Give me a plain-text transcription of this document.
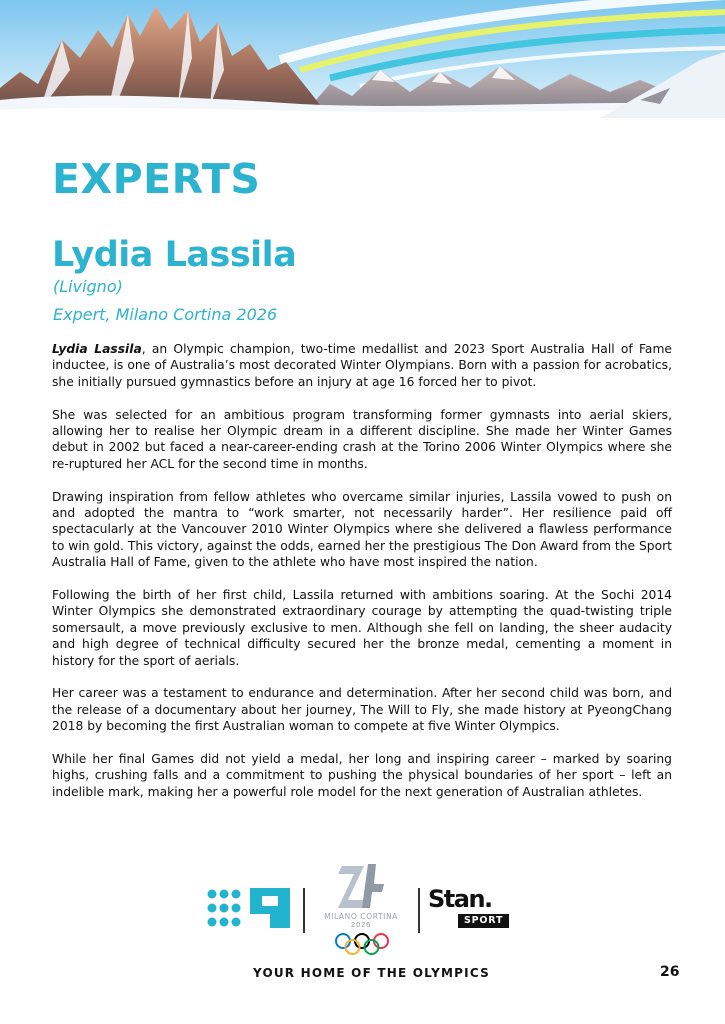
EXPERTS
Lydia Lassila

(Livigno)

Expert, Milano Cortina 2026

Lydia Lassila, an Olympic champion, two-time medallist and 2023 Sport Australia Hall of Fame inductee, is one of Australia’s most decorated Winter Olympians. Born with a passion for acrobatics, she initially pursued gymnastics before an injury at age 16 forced her to pivot.

She was selected for an ambitious program transforming former gymnasts into aerial skiers, allowing her to realise her Olympic dream in a different discipline. She made her Winter Games debut in 2002 but faced a near-career-ending crash at the Torino 2006 Winter Olympics where she re-ruptured her ACL for the second time in months.

Drawing inspiration from fellow athletes who overcame similar injuries, Lassila vowed to push on and adopted the mantra to “work smarter, not necessarily harder”. Her resilience paid off spectacularly at the Vancouver 2010 Winter Olympics where she delivered a flawless performance to win gold. This victory, against the odds, earned her the prestigious The Don Award from the Sport Australia Hall of Fame, given to the athlete who have most inspired the nation.

Following the birth of her first child, Lassila returned with ambitions soaring. At the Sochi 2014 Winter Olympics she demonstrated extraordinary courage by attempting the quad-twisting triple somersault, a move previously exclusive to men. Although she fell on landing, the sheer audacity and high degree of technical difficulty secured her the bronze medal, cementing a moment in history for the sport of aerials.

Her career was a testament to endurance and determination. After her second child was born, and the release of a documentary about her journey, The Will to Fly, she made history at PyeongChang 2018 by becoming the first Australian woman to compete at five Winter Olympics.

While her final Games did not yield a medal, her long and inspiring career – marked by soaring highs, crushing falls and a commitment to pushing the physical boundaries of her sport – left an indelible mark, making her a powerful role model for the next generation of Australian athletes.

MILANO CORTINA
2026
Stan.
SPORT

YOUR HOME OF THE OLYMPICS	26
